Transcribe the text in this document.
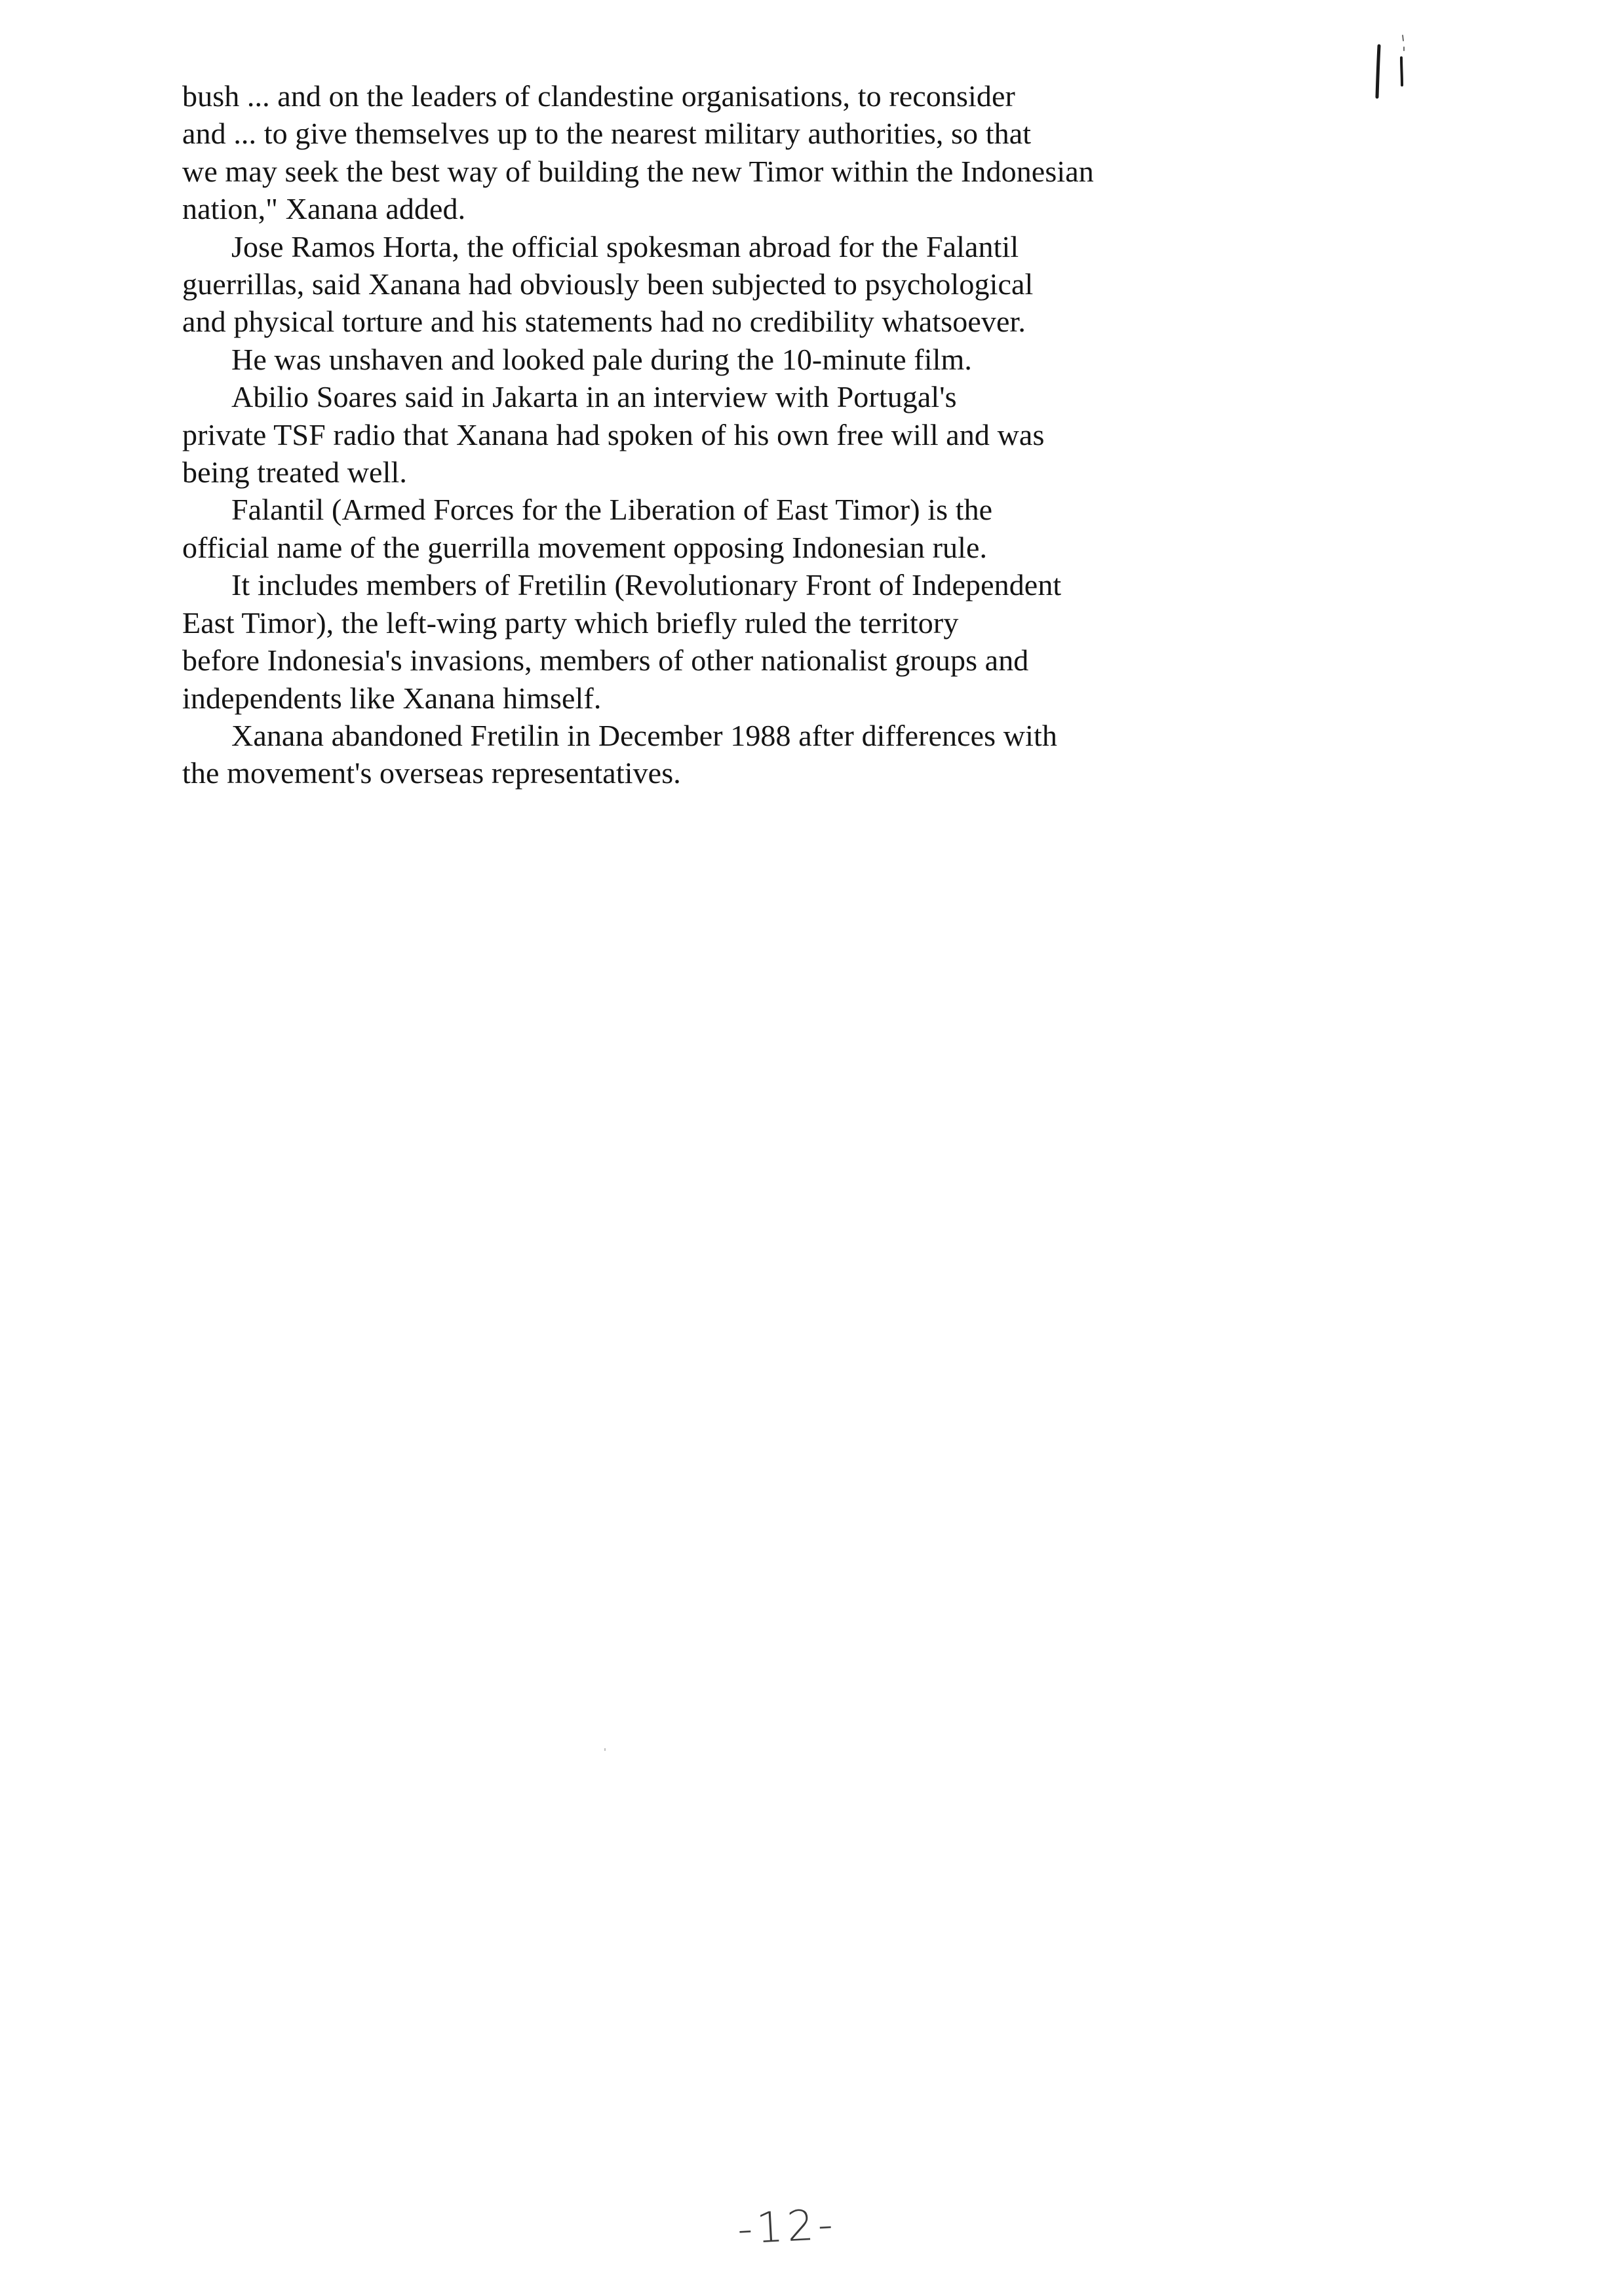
bush ... and on the leaders of clandestine organisations, to reconsider
and ... to give themselves up to the nearest military authorities, so that
we may seek the best way of building the new Timor within the Indonesian
nation," Xanana added.
Jose Ramos Horta, the official spokesman abroad for the Falantil
guerrillas, said Xanana had obviously been subjected to psychological
and physical torture and his statements had no credibility whatsoever.
He was unshaven and looked pale during the 10-minute film.
Abilio Soares said in Jakarta in an interview with Portugal's
private TSF radio that Xanana had spoken of his own free will and was
being treated well.
Falantil (Armed Forces for the Liberation of East Timor) is the
official name of the guerrilla movement opposing Indonesian rule.
It includes members of Fretilin (Revolutionary Front of Independent
East Timor), the left-wing party which briefly ruled the territory
before Indonesia's invasions, members of other nationalist groups and
independents like Xanana himself.
Xanana abandoned Fretilin in December 1988 after differences with
the movement's overseas representatives.
-12-
